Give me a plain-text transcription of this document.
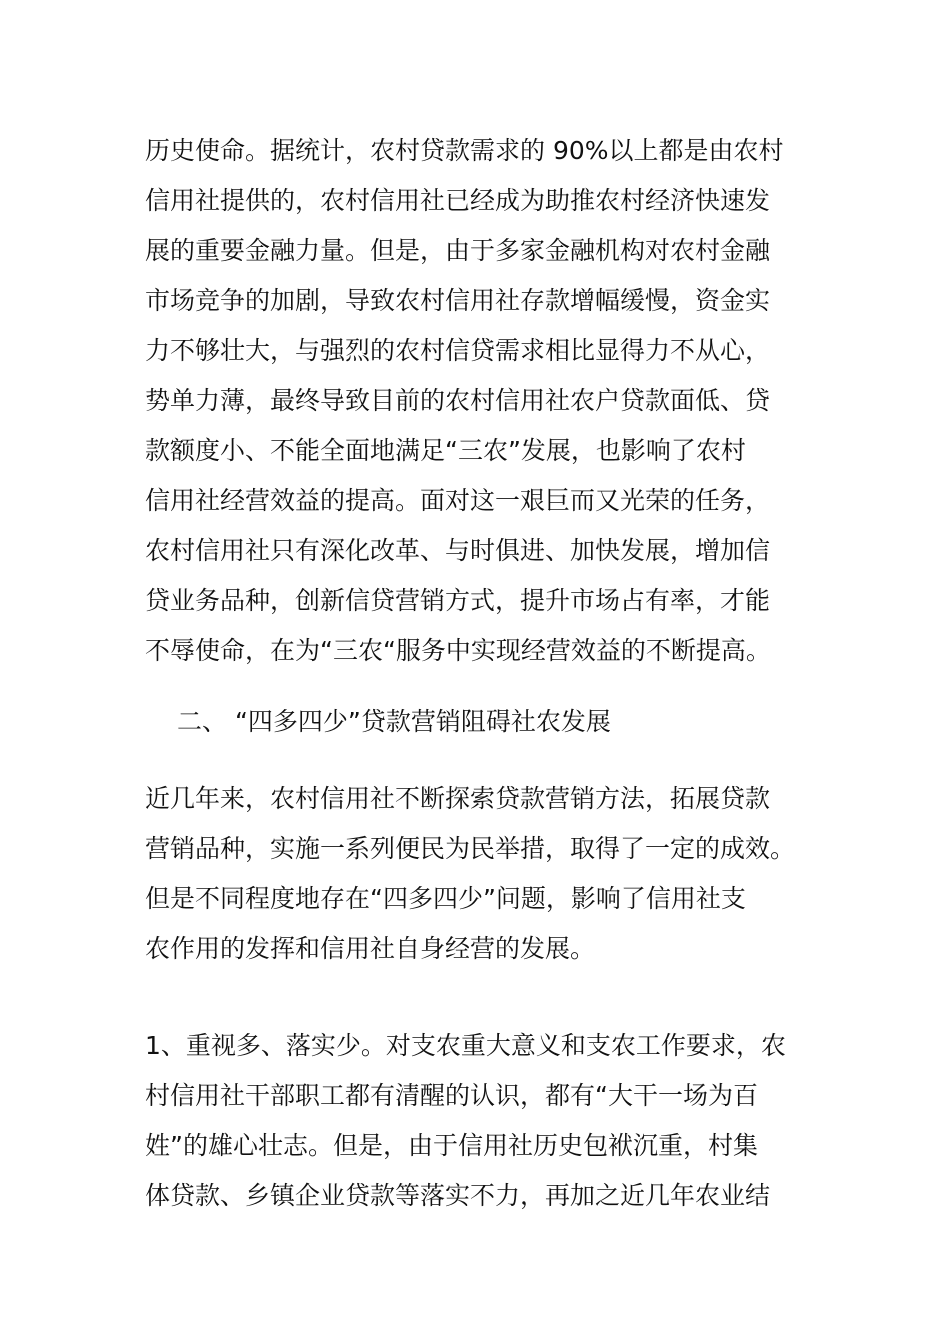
历史使命。据统计，农村贷款需求的 90%以上都是由农村
信用社提供的，农村信用社已经成为助推农村经济快速发
展的重要金融力量。但是，由于多家金融机构对农村金融
市场竞争的加剧，导致农村信用社存款增幅缓慢，资金实
力不够壮大，与强烈的农村信贷需求相比显得力不从心，
势单力薄，最终导致目前的农村信用社农户贷款面低、贷
款额度小、不能全面地满足“三农”发展，也影响了农村
信用社经营效益的提高。面对这一艰巨而又光荣的任务，
农村信用社只有深化改革、与时俱进、加快发展，增加信
贷业务品种，创新信贷营销方式，提升市场占有率，才能
不辱使命，在为“三农“服务中实现经营效益的不断提高。
二、 “四多四少”贷款营销阻碍社农发展
近几年来，农村信用社不断探索贷款营销方法，拓展贷款
营销品种，实施一系列便民为民举措，取得了一定的成效。
但是不同程度地存在“四多四少”问题，影响了信用社支
农作用的发挥和信用社自身经营的发展。
1、重视多、落实少。对支农重大意义和支农工作要求，农
村信用社干部职工都有清醒的认识，都有“大干一场为百
姓”的雄心壮志。但是，由于信用社历史包袱沉重，村集
体贷款、乡镇企业贷款等落实不力，再加之近几年农业结
